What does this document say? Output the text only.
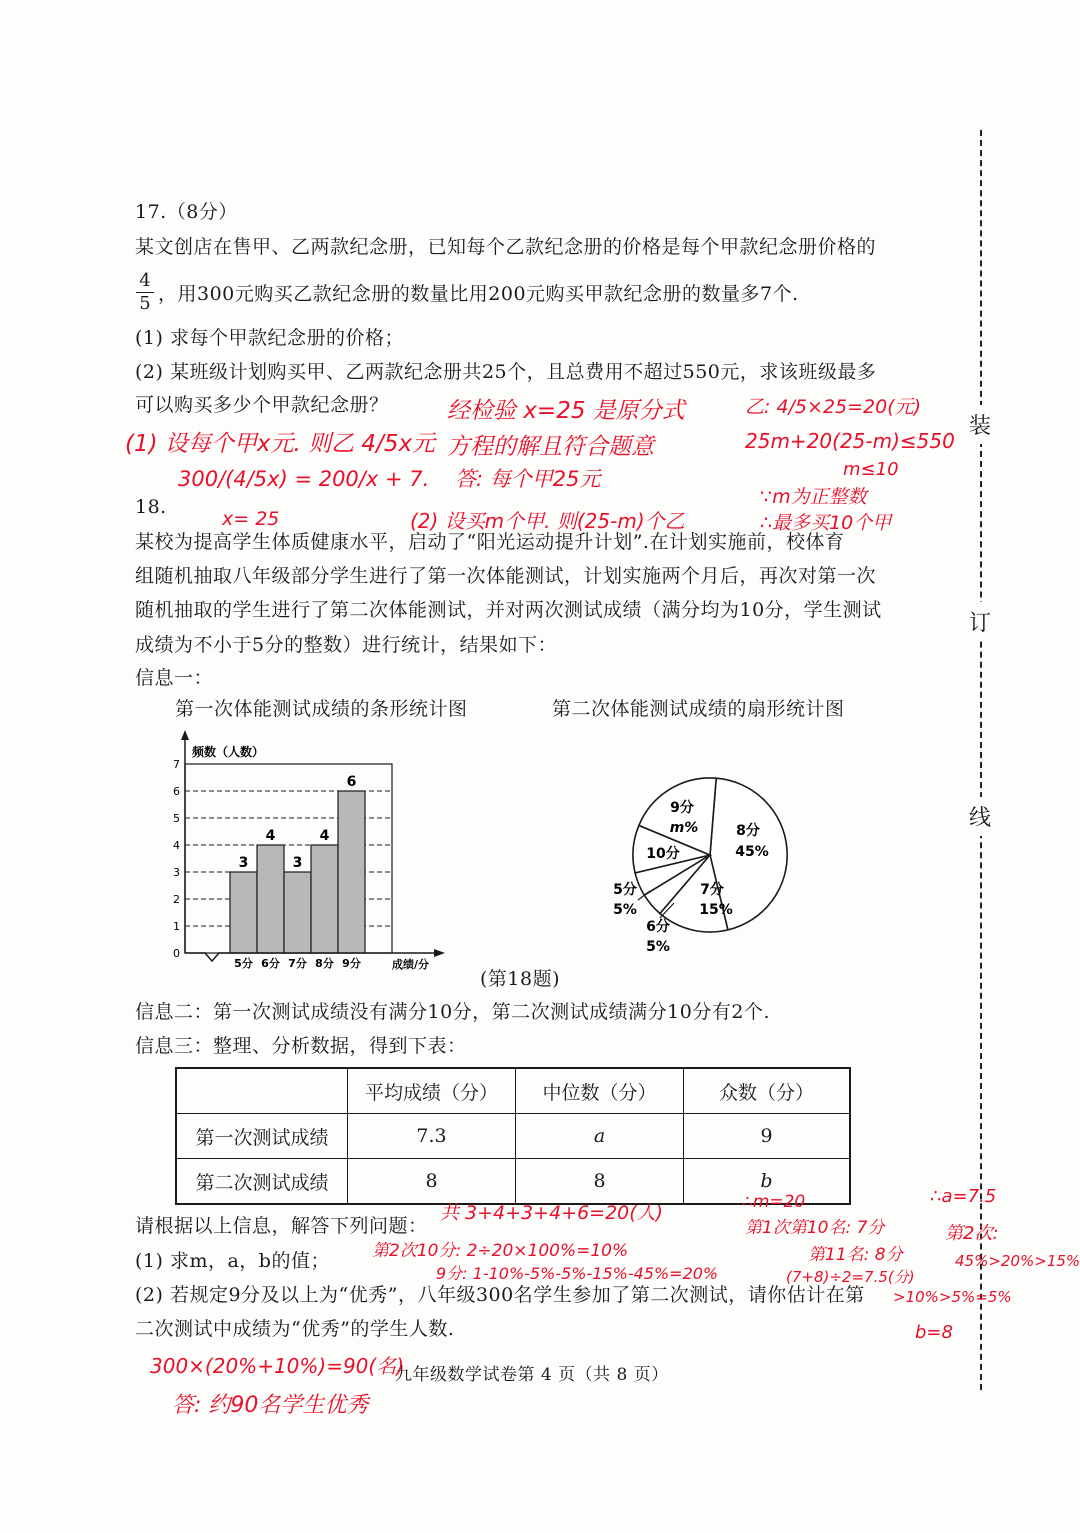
装
订
线
17.（8分）
某文创店在售甲、乙两款纪念册，已知每个乙款纪念册的价格是每个甲款纪念册价格的
4
5 ，用300元购买乙款纪念册的数量比用200元购买甲款纪念册的数量多7个.
(1) 求每个甲款纪念册的价格；
(2) 某班级计划购买甲、乙两款纪念册共25个，且总费用不超过550元，求该班级最多
可以购买多少个甲款纪念册？
18.
某校为提高学生体质健康水平，启动了“阳光运动提升计划”.在计划实施前，校体育
组随机抽取八年级部分学生进行了第一次体能测试，计划实施两个月后，再次对第一次
随机抽取的学生进行了第二次体能测试，并对两次测试成绩（满分均为10分，学生测试
成绩为不小于5分的整数）进行统计，结果如下：
信息一：
第一次体能测试成绩的条形统计图	第二次体能测试成绩的扇形统计图
0
1
2
3
4
5
6
7
3
5分
4
6分
3
7分
4
8分
6
9分
频数（人数）
成绩/分
9分
m%	8分
45%
10分
7分
15%
5分
5%
6分
5%
(第18题)
信息二：第一次测试成绩没有满分10分，第二次测试成绩满分10分有2个.
信息三：整理、分析数据，得到下表：
	平均成绩（分）	中位数（分）	众数（分）
第一次测试成绩	7.3	a	9
第二次测试成绩	8	8	b
请根据以上信息，解答下列问题：
(1) 求m，a，b的值；
(2) 若规定9分及以上为“优秀”，八年级300名学生参加了第二次测试，请你估计在第
二次测试中成绩为“优秀”的学生人数.
九年级数学试卷第 4 页（共 8 页）
(1) 设每个甲x元. 则乙 4/5x元
300/(4/5x) = 200/x + 7.
x= 25
经检验 x=25 是原分式
方程的解且符合题意
答: 每个甲25元
(2) 设买m个甲. 则(25-m)个乙
乙: 4/5×25=20(元)
25m+20(25-m)≤550
m≤10
∵m为正整数
∴最多买10个甲
共 3+4+3+4+6=20(人)
第2次10分: 2÷20×100%=10%
9分: 1-10%-5%-5%-15%-45%=20%
∴m=20
第1次第10名: 7分
第11名: 8分
(7+8)÷2=7.5(分)
∴a=7.5
第2次:
45%>20%>15%
>10%>5%=5%
b=8
300×(20%+10%)=90(名)
答: 约90名学生优秀
